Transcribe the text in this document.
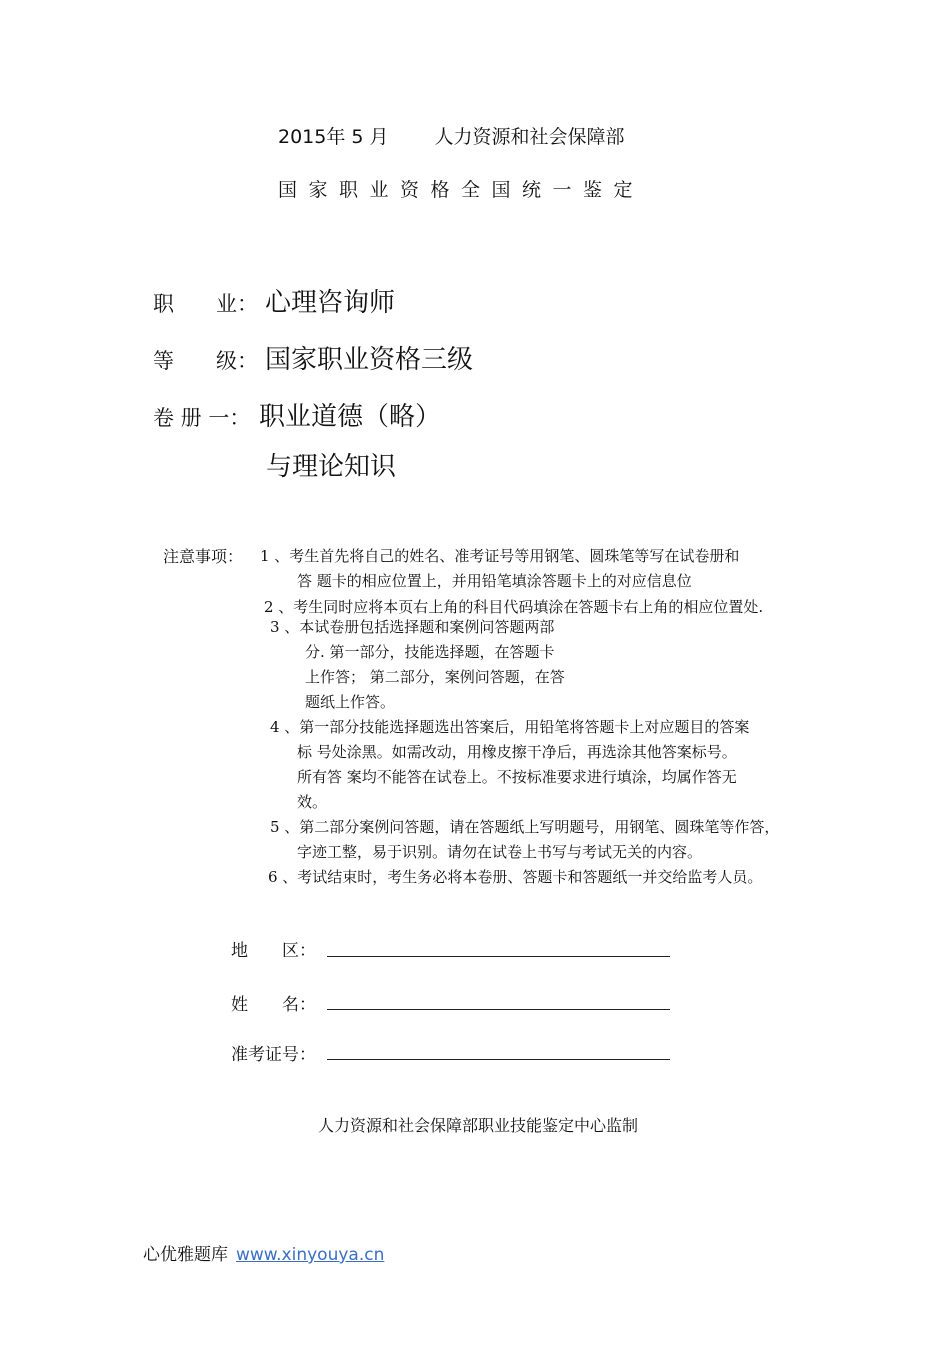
2015年 5 月 人力资源和社会保障部
国家职业资格全国统一鉴定
职　　业： 心理咨询师
等　　级： 国家职业资格三级
卷 册 一： 职业道德（略）
与理论知识
注意事项： 1 、考生首先将自己的姓名、准考证号等用钢笔、圆珠笔等写在试卷册和
答 题卡的相应位置上，并用铅笔填涂答题卡上的对应信息位
2 、考生同时应将本页右上角的科目代码填涂在答题卡右上角的相应位置处.
3 、本试卷册包括选择题和案例问答题两部
分. 第一部分，技能选择题，在答题卡
上作答； 第二部分，案例问答题，在答
题纸上作答。
4 、第一部分技能选择题选出答案后，用铅笔将答题卡上对应题目的答案
标 号处涂黑。如需改动，用橡皮擦干净后，再选涂其他答案标号。
所有答 案均不能答在试卷上。不按标准要求进行填涂，均属作答无
效。
5 、第二部分案例问答题，请在答题纸上写明题号，用钢笔、圆珠笔等作答，
字迹工整，易于识别。请勿在试卷上书写与考试无关的内容。
6 、考试结束时，考生务必将本卷册、答题卡和答题纸一并交给监考人员。
地　　区：
姓　　名：
准考证号：
人力资源和社会保障部职业技能鉴定中心监制
心优雅题库 www.xinyouya.cn
